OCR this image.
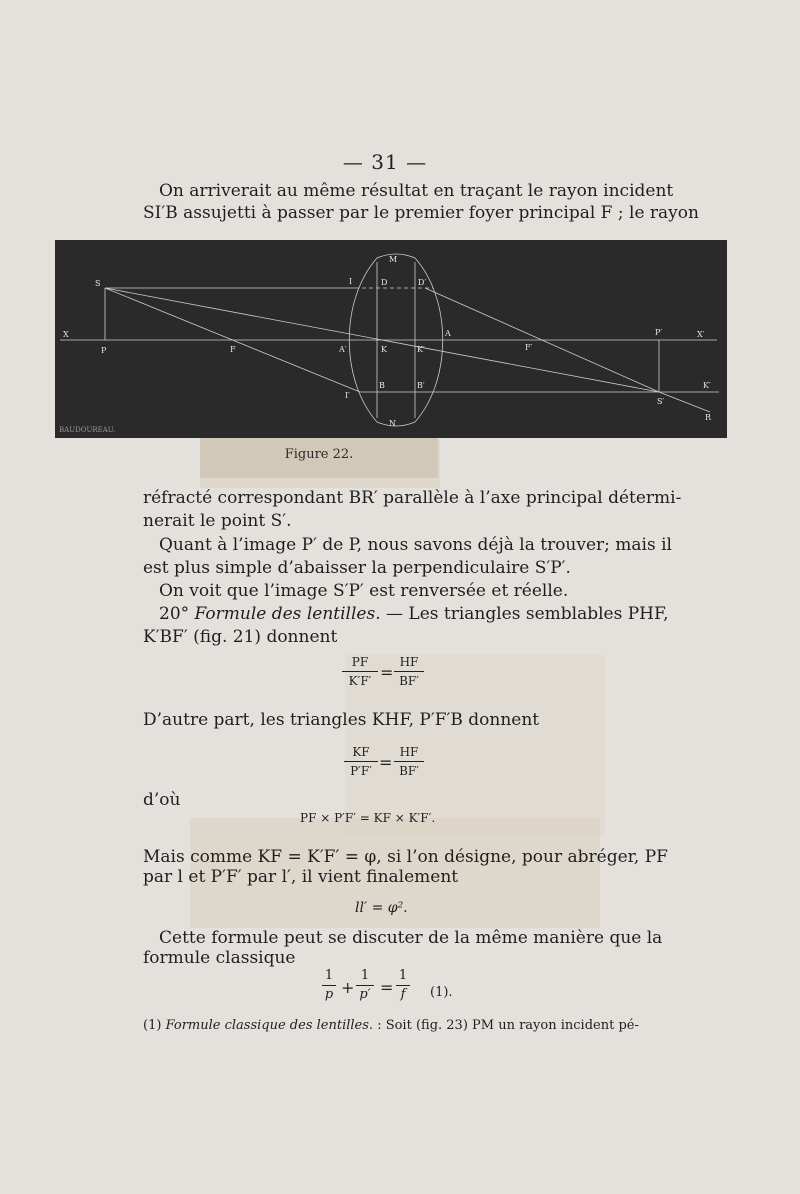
— 31 —
On arriverait au même résultat en traçant le rayon incident
SI′B assujetti à passer par le premier foyer principal F ; le rayon
S
X
P	F
I	D	D′
M
A′
A
K	K′
I′
B	B′
N
F′
P′	X′
S′
K′
R
BAUDOUREAU.
Figure 22.
réfracté correspondant BR′ parallèle à l’axe principal détermi-
nerait le point S′.
Quant à l’image P′ de P, nous savons déjà la trouver; mais il
est plus simple d’abaisser la perpendiculaire S′P′.
On voit que l’image S′P′ est renversée et réelle.
20° Formule des lentilles. — Les triangles semblables PHF,
K′BF′ (fig. 21) donnent
PF
K′F′ =
HF
BF′
D’autre part, les triangles KHF, P′F′B donnent
KF
P′F′ =
HF
BF′
d’où
PF × P′F′ = KF × K′F′.
Mais comme KF = K′F′ = φ, si l’on désigne, pour abréger, PF
par l et P′F′ par l′, il vient finalement
ll′ = φ².
Cette formule peut se discuter de la même manière que la
formule classique
1
p +
1
p′ =
1
f	(1).
(1) Formule classique des lentilles. : Soit (fig. 23) PM un rayon incident pé-
